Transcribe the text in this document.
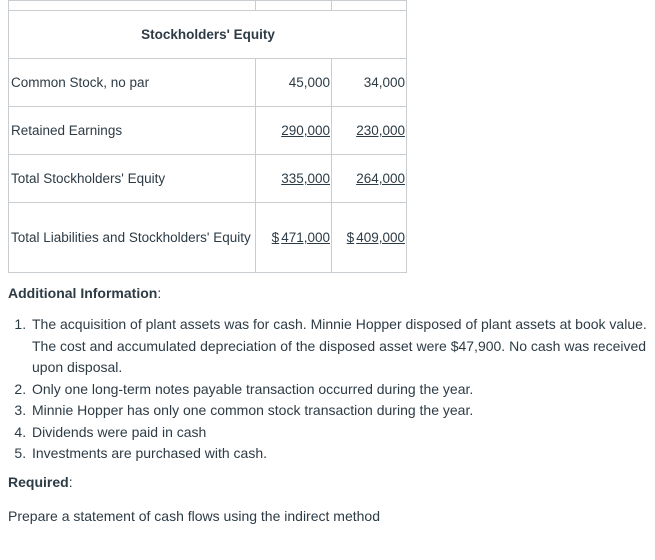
Stockholders' Equity		
Common Stock, no par	45,000	34,000
Retained Earnings	290,000	230,000
Total Stockholders' Equity	335,000	264,000
Total Liabilities and Stockholders' Equity	$ 471,000	$ 409,000

Additional Information:

1. The acquisition of plant assets was for cash. Minnie Hopper disposed of plant assets at book value. The cost and accumulated depreciation of the disposed asset were $47,900. No cash was received upon disposal.
2. Only one long-term notes payable transaction occurred during the year.
3. Minnie Hopper has only one common stock transaction during the year.
4. Dividends were paid in cash
5. Investments are purchased with cash.

Required:

Prepare a statement of cash flows using the indirect method
